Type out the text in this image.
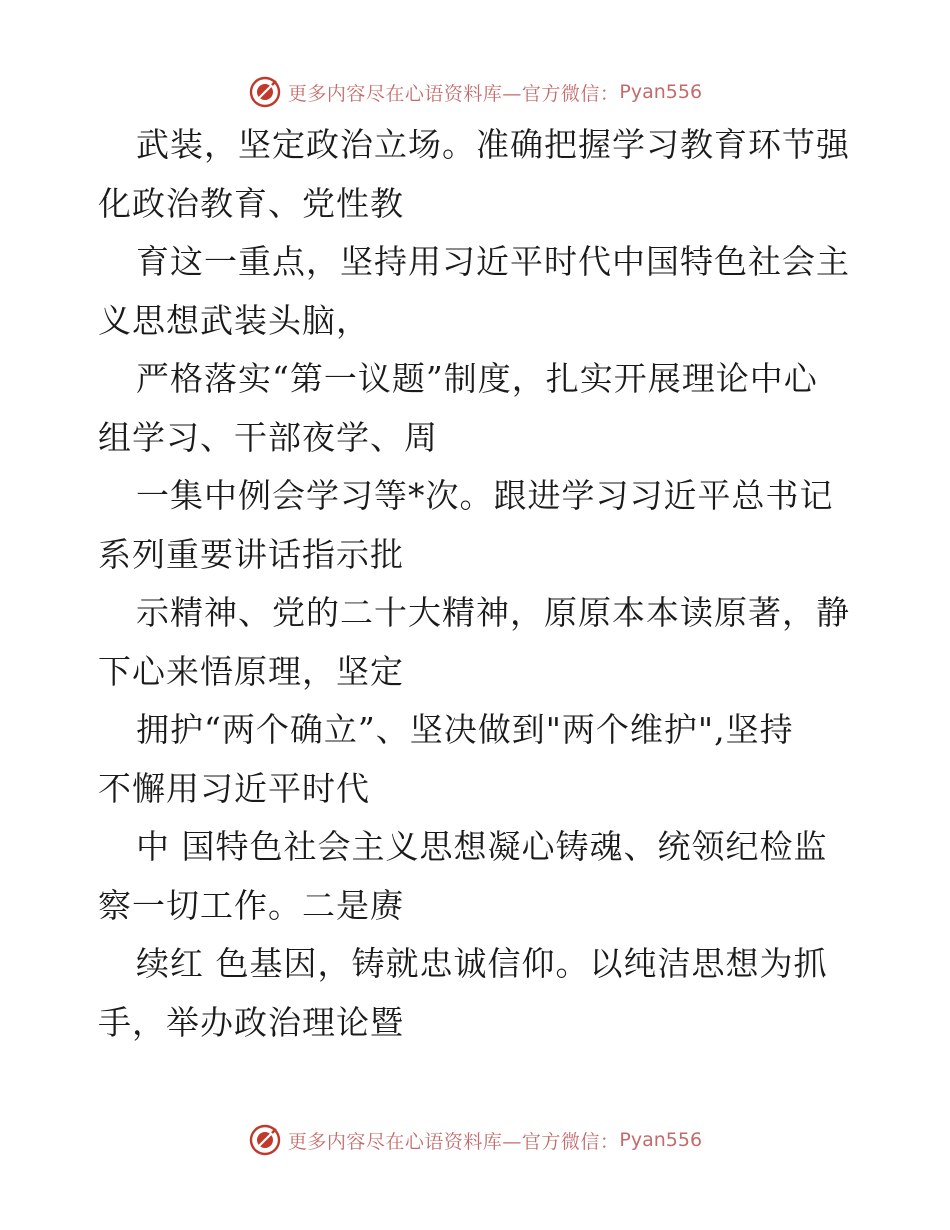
更多内容尽在心语资料库—官方微信： Pyan556
武装，坚定政治立场。准确把握学习教育环节强
化政治教育、党性教
育这一重点，坚持用习近平时代中国特色社会主
义思想武装头脑，
严格落实“第一议题”制度，扎实开展理论中心
组学习、干部夜学、周
一集中例会学习等*次。跟进学习习近平总书记
系列重要讲话指示批
示精神、党的二十大精神，原原本本读原著，静
下心来悟原理，坚定
拥护“两个确立”、坚决做到"两个维护",坚持
不懈用习近平时代
中 国特色社会主义思想凝心铸魂、统领纪检监
察一切工作。二是赓
续红 色基因，铸就忠诚信仰。以纯洁思想为抓
手，举办政治理论暨
更多内容尽在心语资料库—官方微信： Pyan556
